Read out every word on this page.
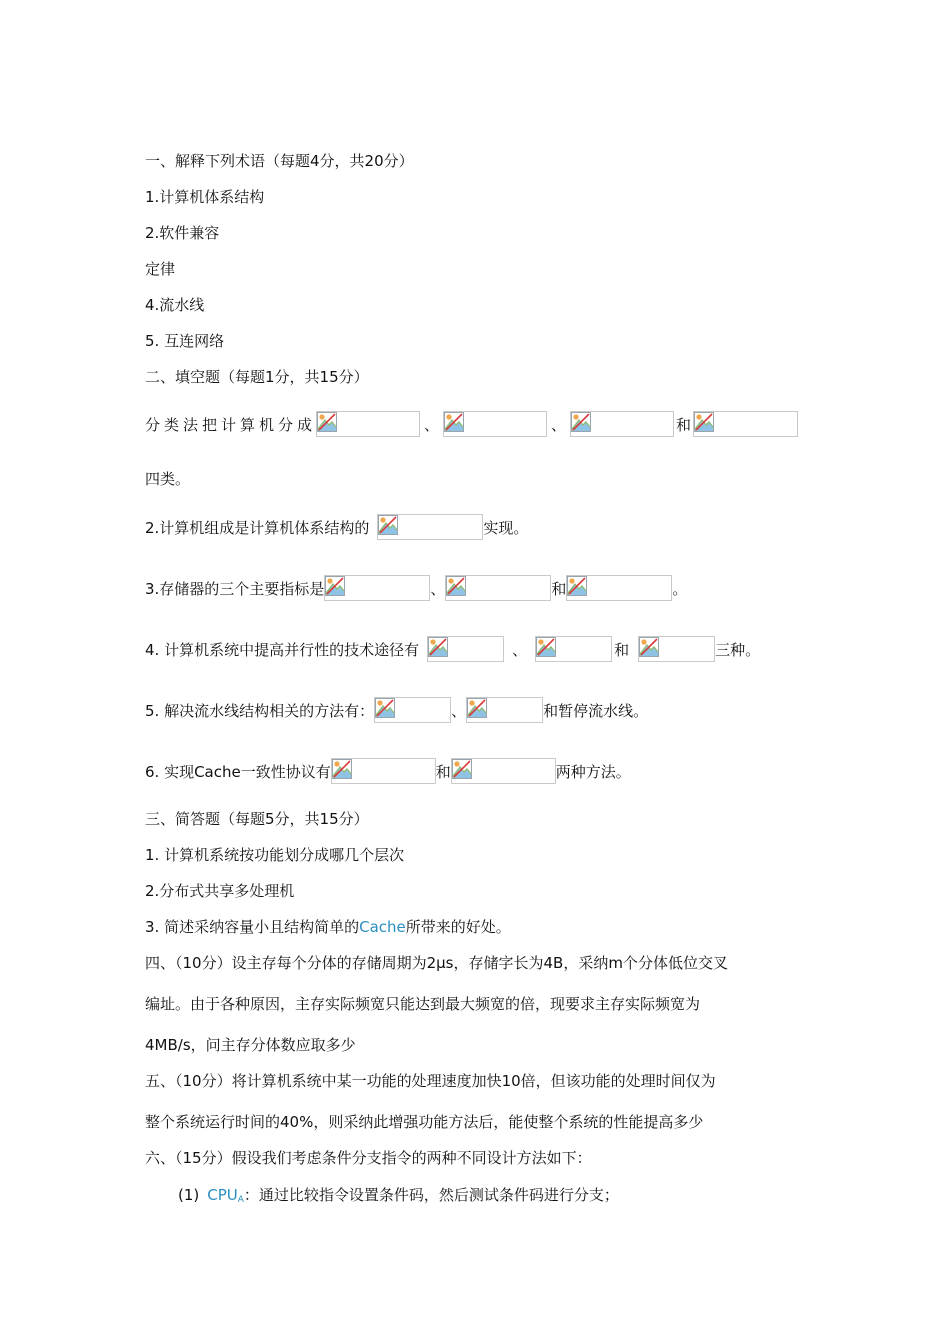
一、解释下列术语（每题4分，共20分）
1.计算机体系结构
2.软件兼容
定律
4.流水线
5. 互连网络
二、填空题（每题1分，共15分）
分类法把计算机分成	、	、	和
四类。
2.计算机组成是计算机体系结构的	实现。
3.存储器的三个主要指标是	、	和	。
4. 计算机系统中提高并行性的技术途径有	、	和	三种。
5. 解决流水线结构相关的方法有：	、	和暂停流水线。
6. 实现Cache一致性协议有	和	两种方法。
三、简答题（每题5分，共15分）
1. 计算机系统按功能划分成哪几个层次
2.分布式共享多处理机
3. 简述采纳容量小且结构简单的Cache所带来的好处。
四、（10分）设主存每个分体的存储周期为2μs，存储字长为4B，采纳m个分体低位交叉
编址。由于各种原因，主存实际频宽只能达到最大频宽的倍，现要求主存实际频宽为
4MB/s，问主存分体数应取多少
五、（10分）将计算机系统中某一功能的处理速度加快10倍，但该功能的处理时间仅为
整个系统运行时间的40%，则采纳此增强功能方法后，能使整个系统的性能提高多少
六、（15分）假设我们考虑条件分支指令的两种不同设计方法如下：
(1) $CPU_A$：通过比较指令设置条件码，然后测试条件码进行分支；
